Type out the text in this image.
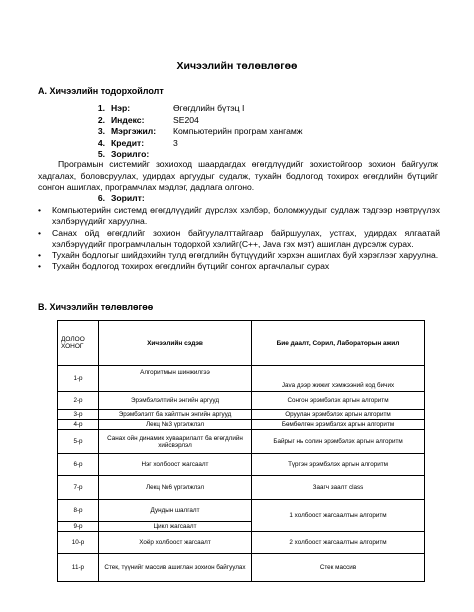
Хичээлийн төлөвлөгөө
А. Хичээлийн тодорхойлолт
1. Нэр:	Өгөгдлийн бүтэц I
2. Индекс:	SE204
3. Мэргэжил:	Компьютерийн програм хангамж
4. Кредит:	3
5. Зорилго:
Програмын системийг зохиоход шаардагдах өгөгдлүүдийг зохистойгоор зохион байгуулж хадгалах, боловсруулах, удирдах аргуудыг судалж, тухайн бодлогод тохирох өгөгдлийн бүтцийг сонгон ашиглах, програмчлах мэдлэг, дадлага олгоно.
6. Зорилт:
•	Компьютерийн системд өгөгдлүүдийг дүрслэх хэлбэр, боломжуудыг судлаж тэдгээр нэвтрүүлэх хэлбэрүүдийг харуулна.
•	Санах ойд өгөгдлийг зохион байгуулалттайгаар байршуулах, устгах, удирдах ялгаатай хэлбэрүүдийг програмчлалын тодорхой хэлийг(C++, Java гэх мэт) ашиглан дүрсэлж сурах.
•	Тухайн бодлогыг шийдэхийн тулд өгөгдлийн бүтцүүдийг хэрхэн ашиглах буй хэрэглээг харуулна.
•	Тухайн бодлогод тохирох өгөгдлийн бүтцийг сонгох аргачлалыг сурах
В. Хичээлийн төлөвлөгөө
ДОЛОО ХОНОГ	Хичээлийн сэдэв	Бие даалт, Сорил, Лабораторын ажил
1-р	Алгоритмын шинжилгээ	Java дээр жижиг хэмжээний код бичих
2-р	Эрэмбэлэлтийн энгийн аргууд	Сонгон эрэмбэлэх аргын алгоритм
3-р	Эрэмбэлэлт ба хайлтын энгийн аргууд	Оруулан эрэмбэлэх аргын алгоритм
4-р	Лекц №3 үргэлжлэл	Бөмбөлгөн эрэмбэлэх аргын алгоритм
5-р	Санах ойн динамик хуваарилалт ба өгөгдлийн хийсвэрлэл	Байрыг нь солин эрэмбэлэх аргын алгоритм
6-р	Нэг холбоост жагсаалт	Түргэн эрэмбэлэх аргын алгоритм
7-р	Лекц №6 үргэлжлэл	Заагч заалт class
8-р	Дундын шалгалт	1 холбоост жагсаалтын алгоритм
9-р	Цикл жагсаалт	
10-р	Хоёр холбоост жагсаалт	2 холбоост жагсаалтын алгоритм
11-р	Стек, түүнийг массив ашиглан зохион байгуулах	Стек массив
